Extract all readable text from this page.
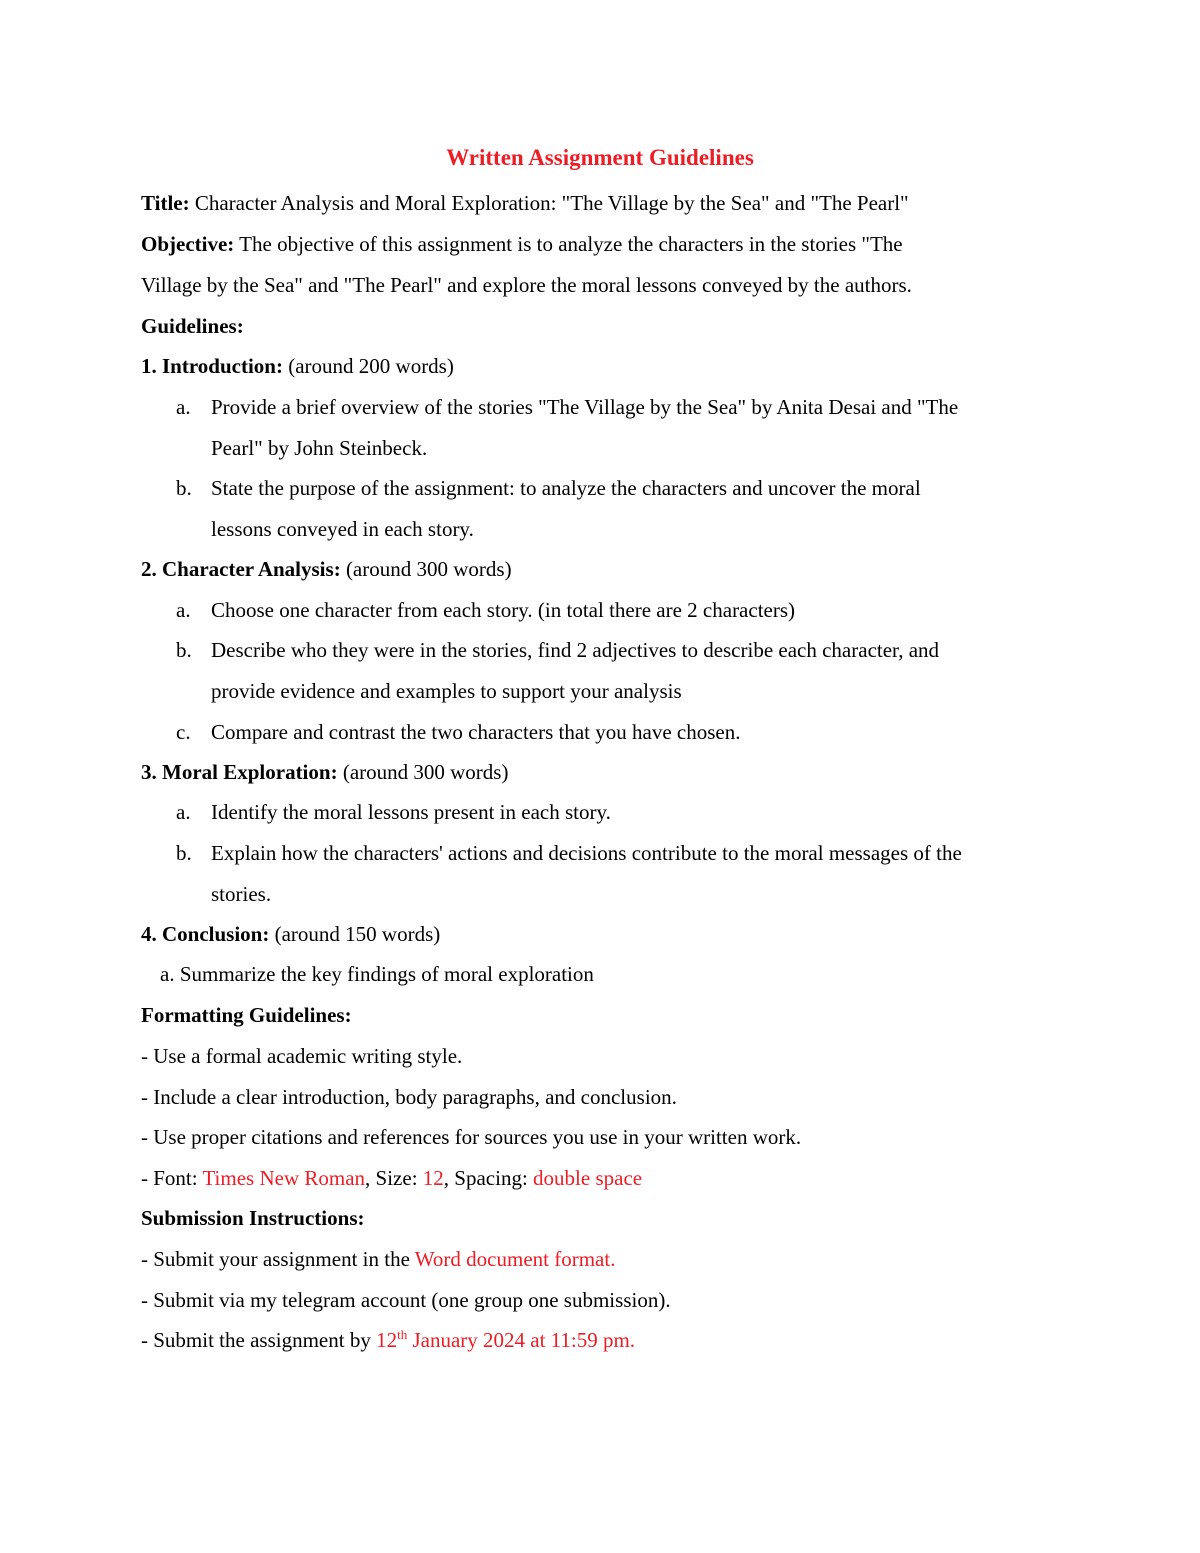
Written Assignment Guidelines
Title: Character Analysis and Moral Exploration: "The Village by the Sea" and "The Pearl"
Objective: The objective of this assignment is to analyze the characters in the stories "The
Village by the Sea" and "The Pearl" and explore the moral lessons conveyed by the authors.
Guidelines:
1. Introduction: (around 200 words)
a. Provide a brief overview of the stories "The Village by the Sea" by Anita Desai and "The
Pearl" by John Steinbeck.
b. State the purpose of the assignment: to analyze the characters and uncover the moral
lessons conveyed in each story.
2. Character Analysis: (around 300 words)
a. Choose one character from each story. (in total there are 2 characters)
b. Describe who they were in the stories, find 2 adjectives to describe each character, and
provide evidence and examples to support your analysis
c. Compare and contrast the two characters that you have chosen.
3. Moral Exploration: (around 300 words)
a. Identify the moral lessons present in each story.
b. Explain how the characters' actions and decisions contribute to the moral messages of the
stories.
4. Conclusion: (around 150 words)
a. Summarize the key findings of moral exploration
Formatting Guidelines:
- Use a formal academic writing style.
- Include a clear introduction, body paragraphs, and conclusion.
- Use proper citations and references for sources you use in your written work.
- Font: Times New Roman, Size: 12, Spacing: double space
Submission Instructions:
- Submit your assignment in the Word document format.
- Submit via my telegram account (one group one submission).
- Submit the assignment by 12th January 2024 at 11:59 pm.
